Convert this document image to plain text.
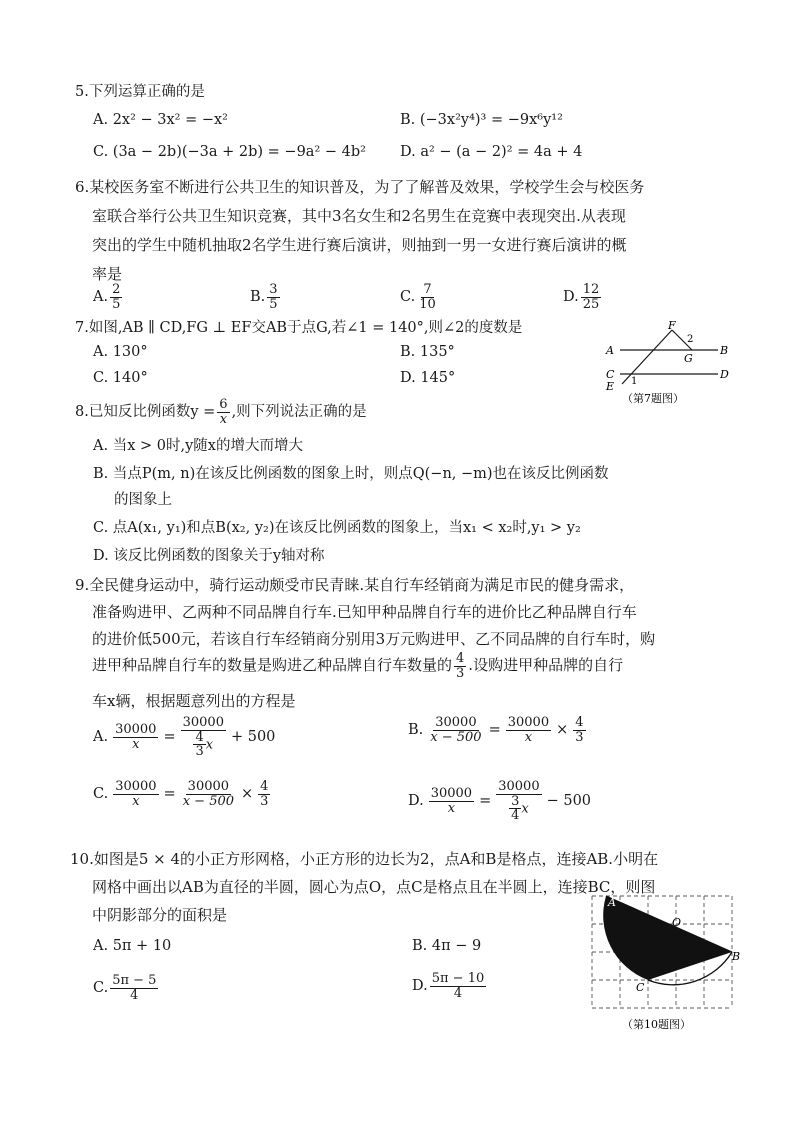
5.下列运算正确的是
A. 2x² − 3x² = −x²	B. (−3x²y⁴)³ = −9x⁶y¹²
C. (3a − 2b)(−3a + 2b) = −9a² − 4b² D. a² − (a − 2)² = 4a + 4
6.某校医务室不断进行公共卫生的知识普及，为了了解普及效果，学校学生会与校医务
室联合举行公共卫生知识竞赛，其中3名女生和2名男生在竞赛中表现突出.从表现
突出的学生中随机抽取2名学生进行赛后演讲，则抽到一男一女进行赛后演讲的概
率是
A. $\frac{2}{5}$	B. $\frac{3}{5}$	C. $\frac{7}{10}$	D. $\frac{12}{25}$
7.如图,AB ∥ CD,FG ⊥ EF交AB于点G,若∠1 = 140°,则∠2的度数是
A. 130°	B. 135°
C. 140°	D. 145°
F
2
A
G
B
C
1
D
E
（第7题图）
8.已知反比例函数$y = \frac{6}{x}$ ,则下列说法正确的是
A. 当x > 0时,y随x的增大而增大
B. 当点P(m, n)在该反比例函数的图象上时，则点Q(−n, −m)也在该反比例函数
的图象上
C. 点A(x₁, y₁)和点B(x₂, y₂)在该反比例函数的图象上，当x₁ < x₂时,y₁ > y₂
D. 该反比例函数的图象关于y轴对称
9.全民健身运动中，骑行运动颇受市民青睐.某自行车经销商为满足市民的健身需求，
准备购进甲、乙两种不同品牌自行车.已知甲种品牌自行车的进价比乙种品牌自行车
的进价低500元，若该自行车经销商分别用3万元购进甲、乙不同品牌的自行车时，购
进甲种品牌自行车的数量是购进乙种品牌自行车数量的 $\frac{4}{3}$ .设购进甲种品牌的自行
车x辆，根据题意列出的方程是
A. $\frac{30000}{x} = \frac{30000}{\frac{4}{3} x} + 500$	B. $\frac{30000}{x - 500} = \frac{30000}{x} \times \frac{4}{3}$
C. $\frac{30000}{x} = \frac{30000}{x - 500} \times \frac{4}{3}$	D. $\frac{30000}{x} = \frac{30000}{\frac{3}{4} x} - 500$
10.如图是5 × 4的小正方形网格，小正方形的边长为2，点A和B是格点，连接AB.小明在
网格中画出以AB为直径的半圆，圆心为点O，点C是格点且在半圆上，连接BC，则图
中阴影部分的面积是
A. 5π + 10	B. 4π − 9
C. $\frac{5\pi - 5}{4}$	D. $\frac{5\pi - 10}{4}$
A
O
B
C
（第10题图）
